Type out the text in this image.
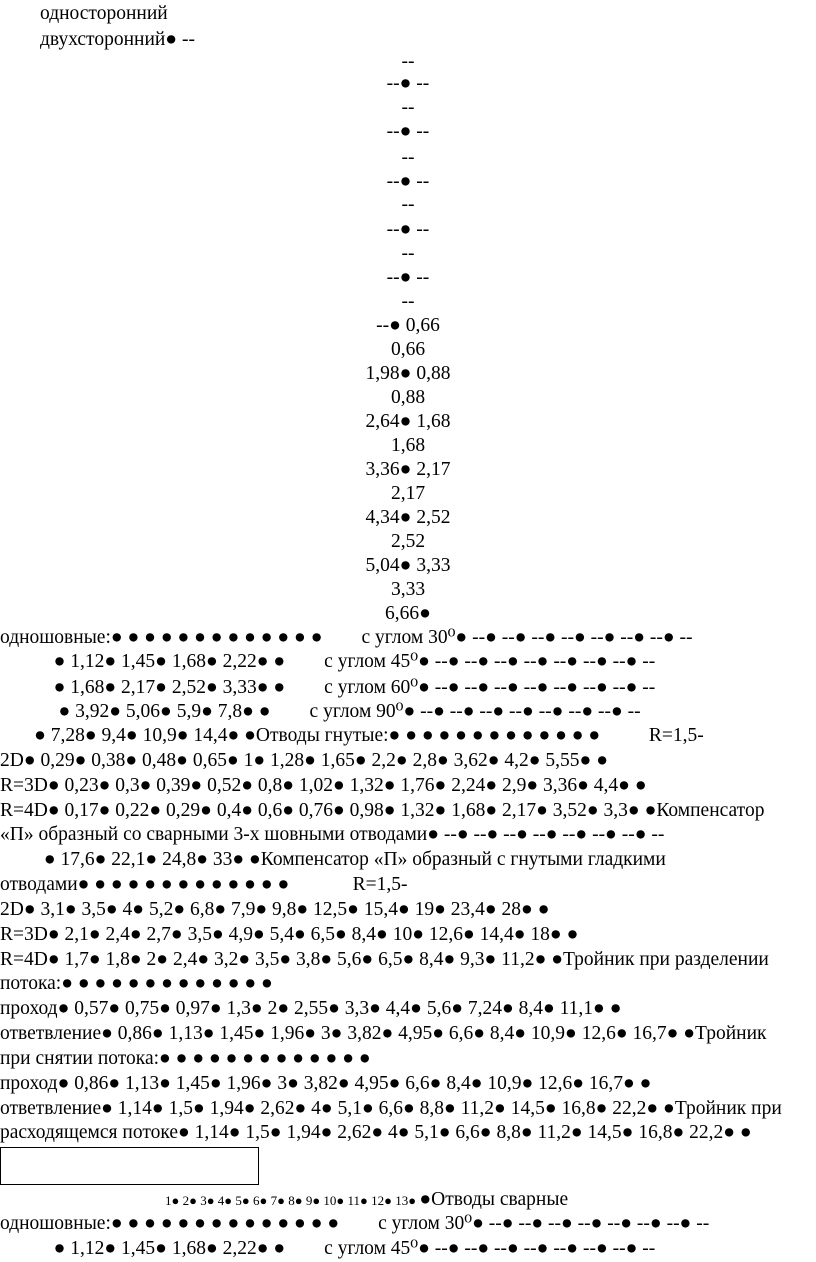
односторонний
двухсторонний● --
--
--● --
--
--● --
--
--● --
--
--● --
--
--● --
--
--● 0,66
0,66
1,98● 0,88
0,88
2,64● 1,68
1,68
3,36● 2,17
2,17
4,34● 2,52
2,52
5,04● 3,33
3,33
6,66●
одношовные:● ● ● ● ● ● ● ● ● ● ● ● ●        с углом 30⁰● --● --● --● --● --● --● --● --
● 1,12● 1,45● 1,68● 2,22● ●        с углом 45⁰● --● --● --● --● --● --● --● --
● 1,68● 2,17● 2,52● 3,33● ●        с углом 60⁰● --● --● --● --● --● --● --● --
● 3,92● 5,06● 5,9● 7,8● ●        с углом 90⁰● --● --● --● --● --● --● --● --
● 7,28● 9,4● 10,9● 14,4● ●Отводы гнутые:● ● ● ● ● ● ● ● ● ● ● ● ●          R=1,5-
2D● 0,29● 0,38● 0,48● 0,65● 1● 1,28● 1,65● 2,2● 2,8● 3,62● 4,2● 5,55● ●
R=3D● 0,23● 0,3● 0,39● 0,52● 0,8● 1,02● 1,32● 1,76● 2,24● 2,9● 3,36● 4,4● ●
R=4D● 0,17● 0,22● 0,29● 0,4● 0,6● 0,76● 0,98● 1,32● 1,68● 2,17● 3,52● 3,3● ●Компенсатор
«П» образный со сварными 3-х шовными отводами● --● --● --● --● --● --● --● --
● 17,6● 22,1● 24,8● 33● ●Компенсатор «П» образный с гнутыми гладкими
отводами● ● ● ● ● ● ● ● ● ● ● ● ●             R=1,5-
2D● 3,1● 3,5● 4● 5,2● 6,8● 7,9● 9,8● 12,5● 15,4● 19● 23,4● 28● ●
R=3D● 2,1● 2,4● 2,7● 3,5● 4,9● 5,4● 6,5● 8,4● 10● 12,6● 14,4● 18● ●
R=4D● 1,7● 1,8● 2● 2,4● 3,2● 3,5● 3,8● 5,6● 6,5● 8,4● 9,3● 11,2● ●Тройник при разделении
потока:● ● ● ● ● ● ● ● ● ● ● ● ●
проход● 0,57● 0,75● 0,97● 1,3● 2● 2,55● 3,3● 4,4● 5,6● 7,24● 8,4● 11,1● ●
ответвление● 0,86● 1,13● 1,45● 1,96● 3● 3,82● 4,95● 6,6● 8,4● 10,9● 12,6● 16,7● ●Тройник
при снятии потока:● ● ● ● ● ● ● ● ● ● ● ● ●
проход● 0,86● 1,13● 1,45● 1,96● 3● 3,82● 4,95● 6,6● 8,4● 10,9● 12,6● 16,7● ●
ответвление● 1,14● 1,5● 1,94● 2,62● 4● 5,1● 6,6● 8,8● 11,2● 14,5● 16,8● 22,2● ●Тройник при
расходящемся потоке● 1,14● 1,5● 1,94● 2,62● 4● 5,1● 6,6● 8,8● 11,2● 14,5● 16,8● 22,2● ●
1● 2● 3● 4● 5● 6● 7● 8● 9● 10● 11● 12● 13● ●Отводы сварные
одношовные:● ● ● ● ● ● ● ● ● ● ● ● ● ●        с углом 30⁰● --● --● --● --● --● --● --● --
● 1,12● 1,45● 1,68● 2,22● ●        с углом 45⁰● --● --● --● --● --● --● --● --
